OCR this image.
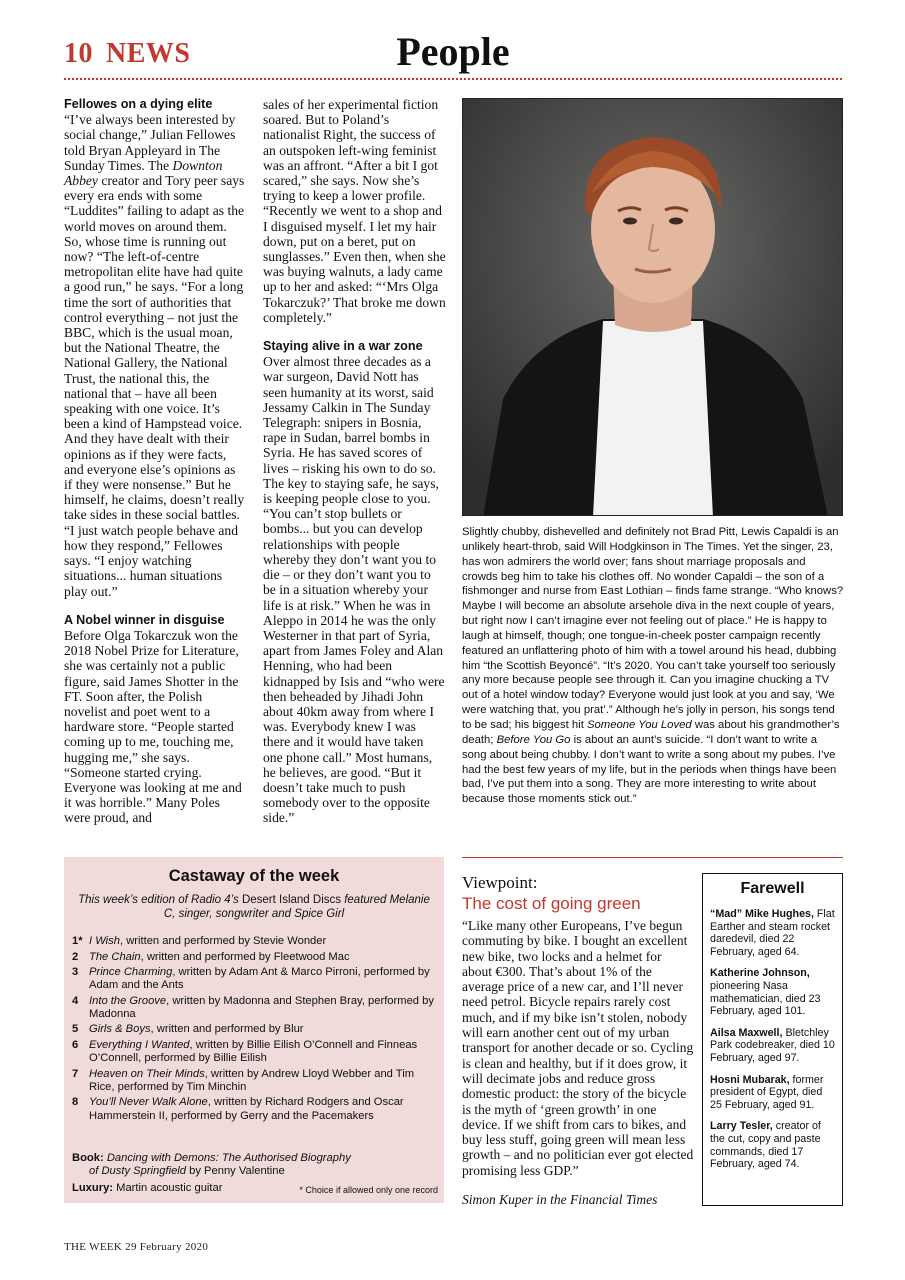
10 NEWS	People
Fellowes on a dying elite

“I’ve always been interested by social change,” Julian Fellowes told Bryan Appleyard in The Sunday Times. The Downton Abbey creator and Tory peer says every era ends with some “Luddites” failing to adapt as the world moves on around them. So, whose time is running out now? “The left-of-centre metropolitan elite have had quite a good run,” he says. “For a long time the sort of authorities that control everything – not just the BBC, which is the usual moan, but the National Theatre, the National Gallery, the National Trust, the national this, the national that – have all been speaking with one voice. It’s been a kind of Hampstead voice. And they have dealt with their opinions as if they were facts, and everyone else’s opinions as if they were nonsense.” But he himself, he claims, doesn’t really take sides in these social battles. “I just watch people behave and how they respond,” Fellowes says. “I enjoy watching situations... human situations play out.”

A Nobel winner in disguise

Before Olga Tokarczuk won the 2018 Nobel Prize for Literature, she was certainly not a public figure, said James Shotter in the FT. Soon after, the Polish novelist and poet went to a hardware store. “People started coming up to me, touching me, hugging me,” she says. “Someone started crying. Everyone was looking at me and it was horrible.” Many Poles were proud, and

sales of her experimental fiction soared. But to Poland’s nationalist Right, the success of an outspoken left-wing feminist was an affront. “After a bit I got scared,” she says. Now she’s trying to keep a lower profile. “Recently we went to a shop and I disguised myself. I let my hair down, put on a beret, put on sunglasses.” Even then, when she was buying walnuts, a lady came up to her and asked: “‘Mrs Olga Tokarczuk?’ That broke me down completely.”

Staying alive in a war zone

Over almost three decades as a war surgeon, David Nott has seen humanity at its worst, said Jessamy Calkin in The Sunday Telegraph: snipers in Bosnia, rape in Sudan, barrel bombs in Syria. He has saved scores of lives – risking his own to do so. The key to staying safe, he says, is keeping people close to you. “You can’t stop bullets or bombs... but you can develop relationships with people whereby they don’t want you to die – or they don’t want you to be in a situation whereby your life is at risk.” When he was in Aleppo in 2014 he was the only Westerner in that part of Syria, apart from James Foley and Alan Henning, who had been kidnapped by Isis and “who were then beheaded by Jihadi John about 40km away from where I was. Everybody knew I was there and it would have taken one phone call.” Most humans, he believes, are good. “But it doesn’t take much to push somebody over to the opposite side.”

Slightly chubby, dishevelled and definitely not Brad Pitt, Lewis Capaldi is an unlikely heart-throb, said Will Hodgkinson in The Times. Yet the singer, 23, has won admirers the world over; fans shout marriage proposals and crowds beg him to take his clothes off. No wonder Capaldi – the son of a fishmonger and nurse from East Lothian – finds fame strange. “Who knows? Maybe I will become an absolute arsehole diva in the next couple of years, but right now I can’t imagine ever not feeling out of place.” He is happy to laugh at himself, though; one tongue-in-cheek poster campaign recently featured an unflattering photo of him with a towel around his head, dubbing him “the Scottish Beyoncé”. “It’s 2020. You can’t take yourself too seriously any more because people see through it. Can you imagine chucking a TV out of a hotel window today? Everyone would just look at you and say, ‘We were watching that, you prat’.” Although he’s jolly in person, his songs tend to be sad; his biggest hit Someone You Loved was about his grandmother’s death; Before You Go is about an aunt’s suicide. “I don’t want to write a song about being chubby. I don’t want to write a song about my pubes. I’ve had the best few years of my life, but in the periods when things have been bad, I’ve put them into a song. They are more interesting to write about because those moments stick out.”
Castaway of the week
This week’s edition of Radio 4’s Desert Island Discs featured Melanie C, singer, songwriter and Spice Girl
1* I Wish, written and performed by Stevie Wonder
2 The Chain, written and performed by Fleetwood Mac
3 Prince Charming, written by Adam Ant & Marco Pirroni, performed by Adam and the Ants
4 Into the Groove, written by Madonna and Stephen Bray, performed by Madonna
5 Girls & Boys, written and performed by Blur
6 Everything I Wanted, written by Billie Eilish O’Connell and Finneas O’Connell, performed by Billie Eilish
7 Heaven on Their Minds, written by Andrew Lloyd Webber and Tim Rice, performed by Tim Minchin
8 You’ll Never Walk Alone, written by Richard Rodgers and Oscar Hammerstein II, performed by Gerry and the Pacemakers
Book: Dancing with Demons: The Authorised Biography
of Dusty Springfield by Penny Valentine
Luxury: Martin acoustic guitar	* Choice if allowed only one record
Viewpoint:
The cost of going green
“Like many other Europeans, I’ve begun commuting by bike. I bought an excellent new bike, two locks and a helmet for about €300. That’s about 1% of the average price of a new car, and I’ll never need petrol. Bicycle repairs rarely cost much, and if my bike isn’t stolen, nobody will earn another cent out of my urban transport for another decade or so. Cycling is clean and healthy, but if it does grow, it will decimate jobs and reduce gross domestic product: the story of the bicycle is the myth of ‘green growth’ in one device. If we shift from cars to bikes, and buy less stuff, going green will mean less growth – and no politician ever got elected promising less GDP.”
Simon Kuper in the Financial Times
Farewell
“Mad” Mike Hughes, Flat Earther and steam rocket daredevil, died 22 February, aged 64.
Katherine Johnson, pioneering Nasa mathematician, died 23 February, aged 101.
Ailsa Maxwell, Bletchley Park codebreaker, died 10 February, aged 97.
Hosni Mubarak, former president of Egypt, died 25 February, aged 91.
Larry Tesler, creator of the cut, copy and paste commands, died 17 February, aged 74.
THE WEEK 29 February 2020
